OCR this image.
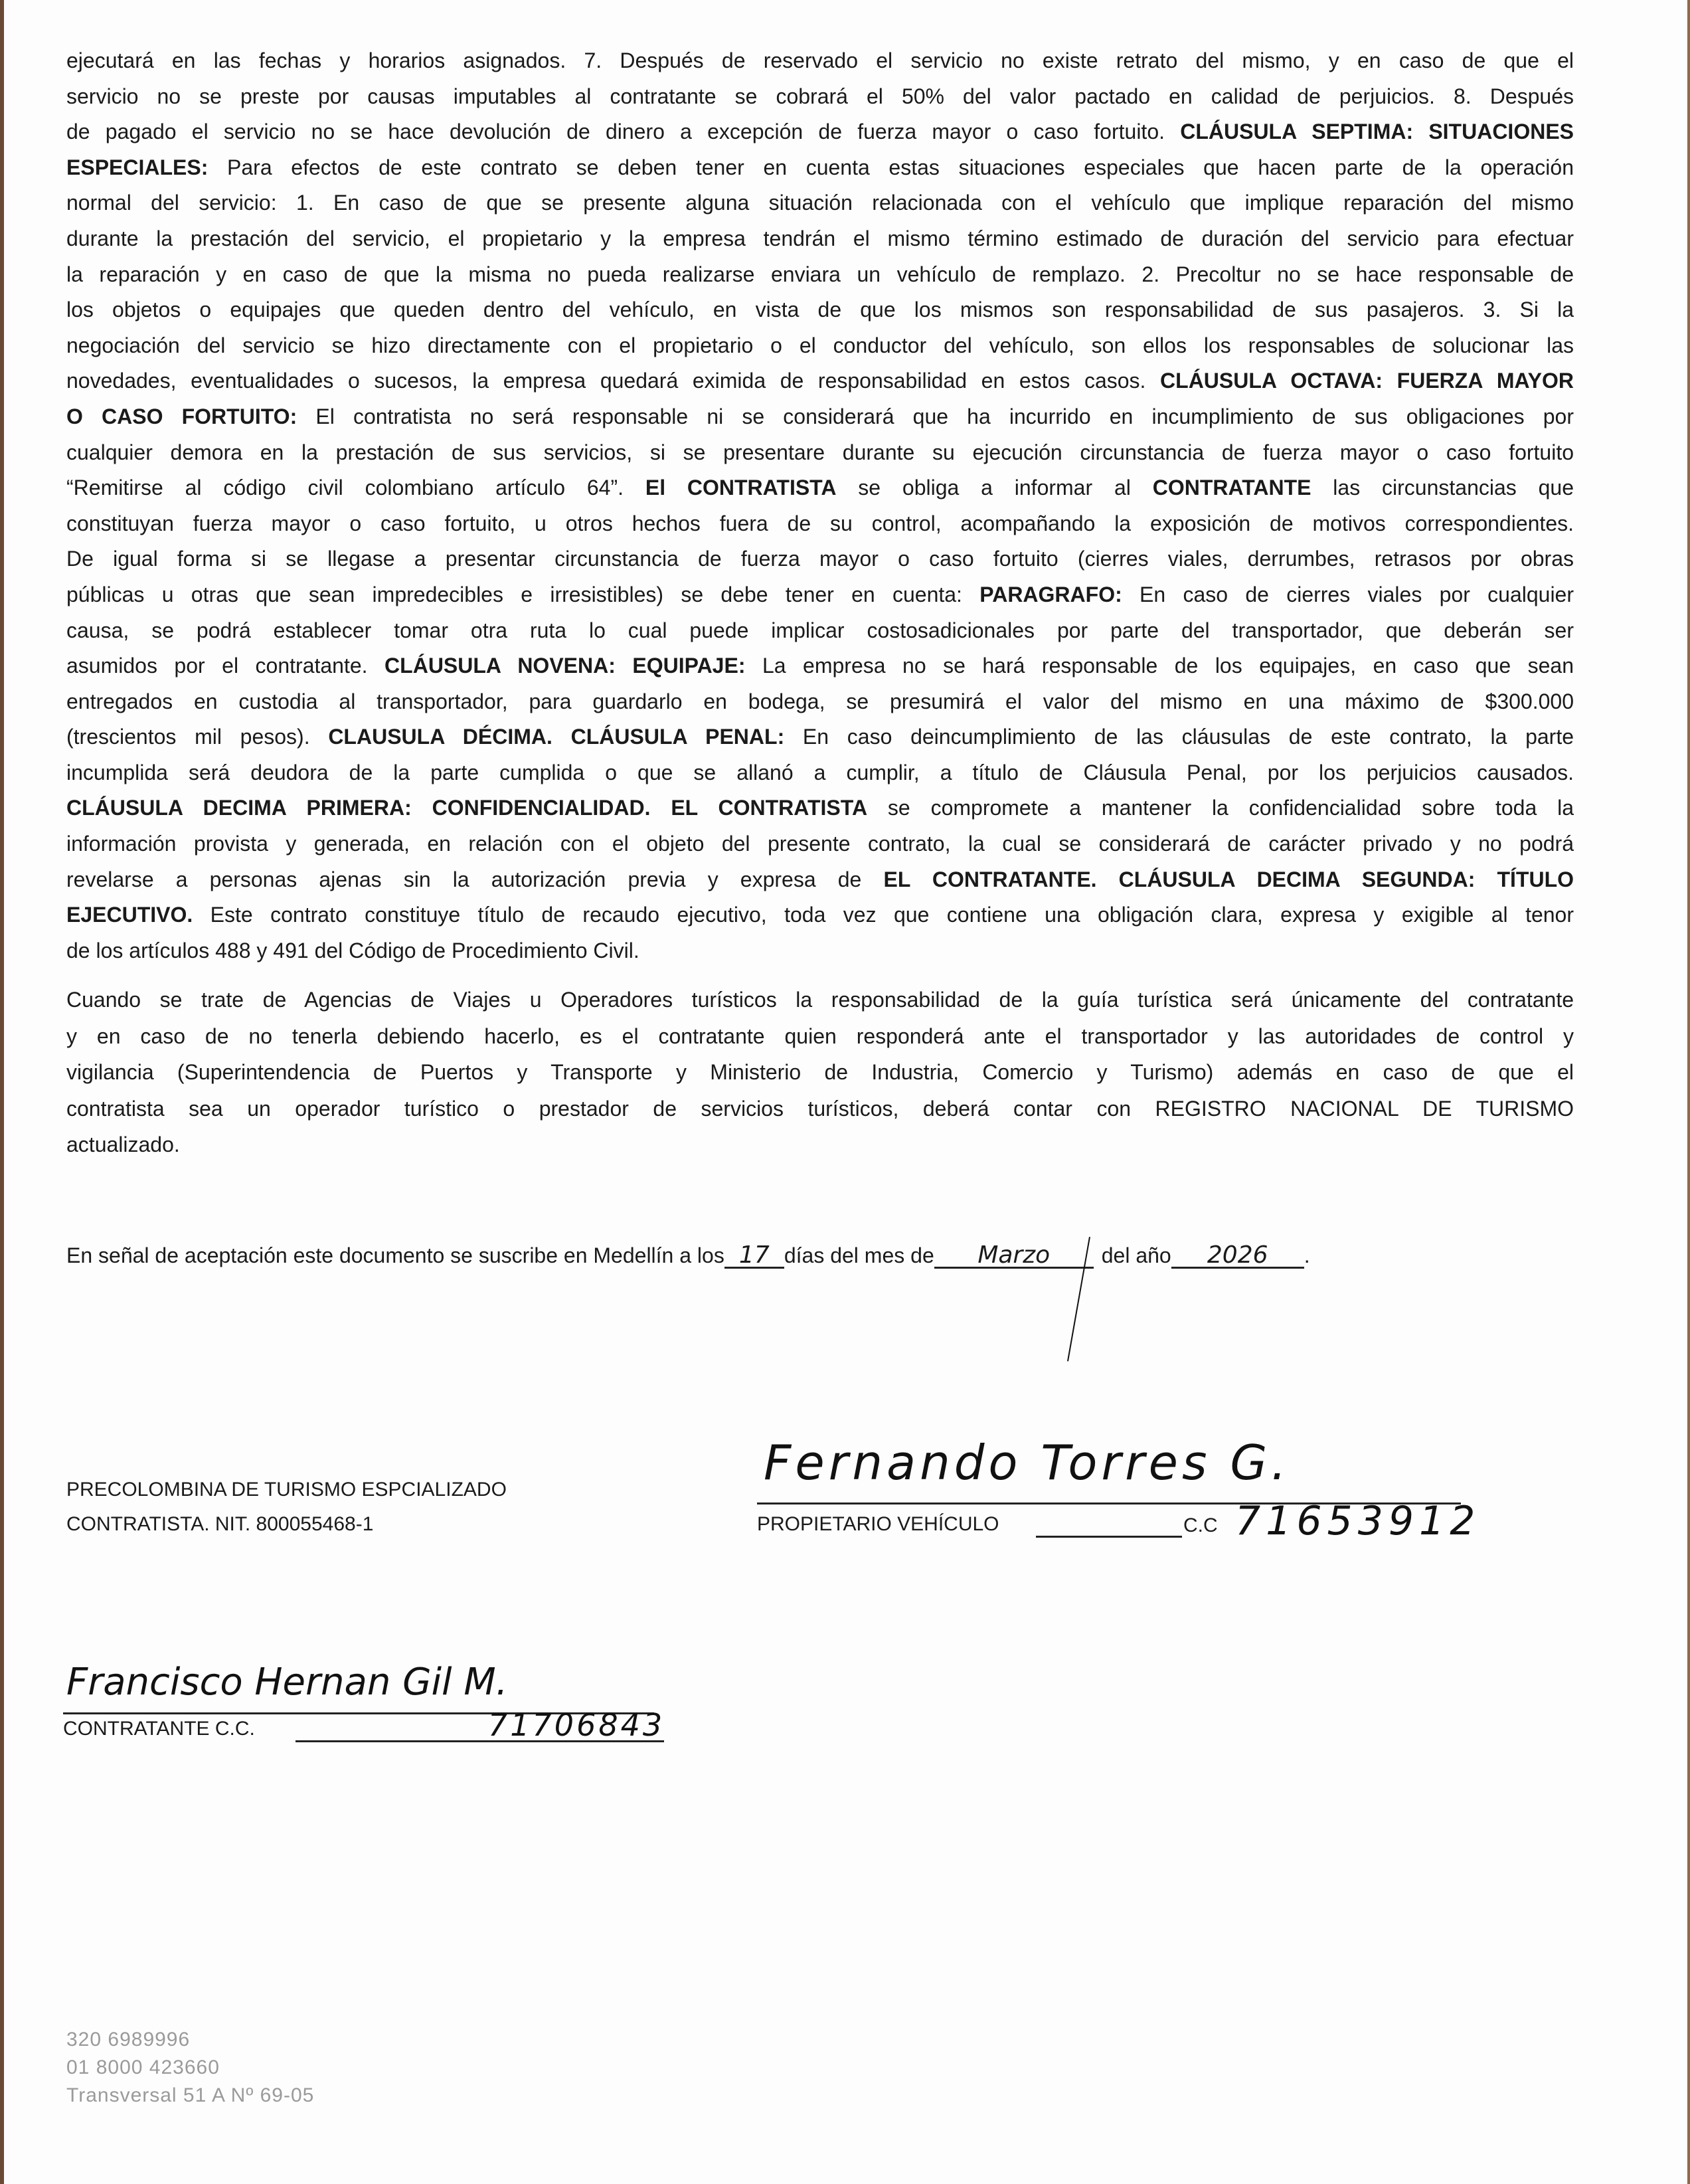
ejecutará en las fechas y horarios asignados. 7. Después de reservado el servicio no existe retrato del mismo, y en caso de que el
servicio no se preste por causas imputables al contratante se cobrará el 50% del valor pactado en calidad de perjuicios. 8. Después
de pagado el servicio no se hace devolución de dinero a excepción de fuerza mayor o caso fortuito. CLÁUSULA SEPTIMA: SITUACIONES
ESPECIALES: Para efectos de este contrato se deben tener en cuenta estas situaciones especiales que hacen parte de la operación
normal del servicio: 1. En caso de que se presente alguna situación relacionada con el vehículo que implique reparación del mismo
durante la prestación del servicio, el propietario y la empresa tendrán el mismo término estimado de duración del servicio para efectuar
la reparación y en caso de que la misma no pueda realizarse enviara un vehículo de remplazo. 2. Precoltur no se hace responsable de
los objetos o equipajes que queden dentro del vehículo, en vista de que los mismos son responsabilidad de sus pasajeros. 3. Si la
negociación del servicio se hizo directamente con el propietario o el conductor del vehículo, son ellos los responsables de solucionar las
novedades, eventualidades o sucesos, la empresa quedará eximida de responsabilidad en estos casos. CLÁUSULA OCTAVA: FUERZA MAYOR
O CASO FORTUITO: El contratista no será responsable ni se considerará que ha incurrido en incumplimiento de sus obligaciones por
cualquier demora en la prestación de sus servicios, si se presentare durante su ejecución circunstancia de fuerza mayor o caso fortuito
“Remitirse al código civil colombiano artículo 64”. El CONTRATISTA se obliga a informar al CONTRATANTE las circunstancias que
constituyan fuerza mayor o caso fortuito, u otros hechos fuera de su control, acompañando la exposición de motivos correspondientes.
De igual forma si se llegase a presentar circunstancia de fuerza mayor o caso fortuito (cierres viales, derrumbes, retrasos por obras
públicas u otras que sean impredecibles e irresistibles) se debe tener en cuenta: PARAGRAFO: En caso de cierres viales por cualquier
causa, se podrá establecer tomar otra ruta lo cual puede implicar costosadicionales por parte del transportador, que deberán ser
asumidos por el contratante. CLÁUSULA NOVENA: EQUIPAJE: La empresa no se hará responsable de los equipajes, en caso que sean
entregados en custodia al transportador, para guardarlo en bodega, se presumirá el valor del mismo en una máximo de $300.000
(trescientos mil pesos). CLAUSULA DÉCIMA. CLÁUSULA PENAL: En caso deincumplimiento de las cláusulas de este contrato, la parte
incumplida será deudora de la parte cumplida o que se allanó a cumplir, a título de Cláusula Penal, por los perjuicios causados.
CLÁUSULA DECIMA PRIMERA: CONFIDENCIALIDAD. EL CONTRATISTA se compromete a mantener la confidencialidad sobre toda la
información provista y generada, en relación con el objeto del presente contrato, la cual se considerará de carácter privado y no podrá
revelarse a personas ajenas sin la autorización previa y expresa de EL CONTRATANTE. CLÁUSULA DECIMA SEGUNDA: TÍTULO
EJECUTIVO. Este contrato constituye título de recaudo ejecutivo, toda vez que contiene una obligación clara, expresa y exigible al tenor
de los artículos 488 y 491 del Código de Procedimiento Civil.
Cuando se trate de Agencias de Viajes u Operadores turísticos la responsabilidad de la guía turística será únicamente del contratante
y en caso de no tenerla debiendo hacerlo, es el contratante quien responderá ante el transportador y las autoridades de control y
vigilancia (Superintendencia de Puertos y Transporte y Ministerio de Industria, Comercio y Turismo) además en caso de que el
contratista sea un operador turístico o prestador de servicios turísticos, deberá contar con REGISTRO NACIONAL DE TURISMO
actualizado.
En señal de aceptación este documento se suscribe en Medellín a los 17 días del mes de Marzo del año 2026 .
PRECOLOMBINA DE TURISMO ESPCIALIZADO
CONTRATISTA. NIT. 800055468-1
Fernando Torres G.
PROPIETARIO VEHÍCULO	C.C 71653912
Francisco Hernan Gil M.
CONTRATANTE C.C.	71706843
320 6989996
01 8000 423660
Transversal 51 A Nº 69-05
